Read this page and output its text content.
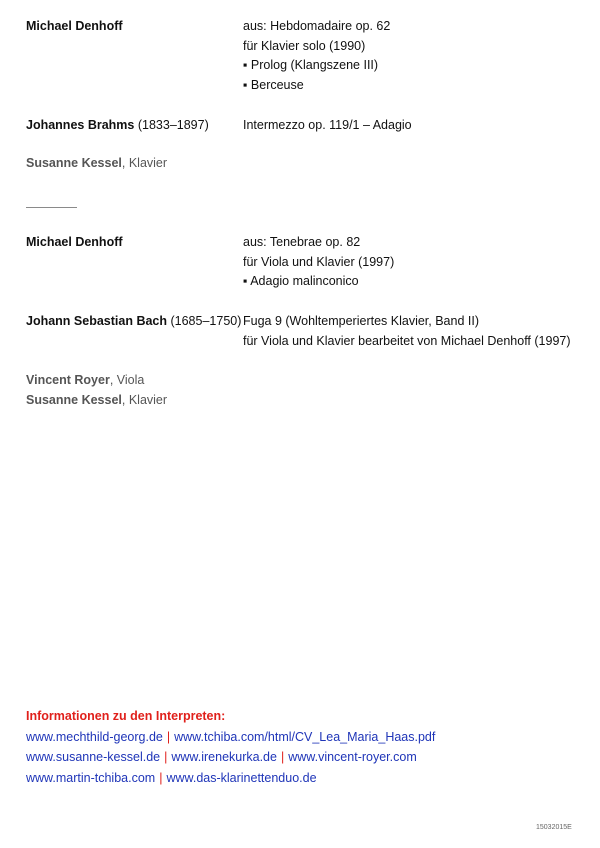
Michael Denhoff	aus: Hebdomadaire op. 62
für Klavier solo (1990)
▪ Prolog (Klangszene III)
▪ Berceuse
Johannes Brahms (1833–1897)	Intermezzo op. 119/1 – Adagio
Susanne Kessel, Klavier
Michael Denhoff	aus: Tenebrae op. 82
für Viola und Klavier (1997)
▪ Adagio malinconico
Johann Sebastian Bach (1685–1750) Fuga 9 (Wohltemperiertes Klavier, Band II)
für Viola und Klavier bearbeitet von Michael Denhoff (1997)
Vincent Royer, Viola
Susanne Kessel, Klavier
Informationen zu den Interpreten:
www.mechthild-georg.de | www.tchiba.com/html/CV_Lea_Maria_Haas.pdf
www.susanne-kessel.de | www.irenekurka.de | www.vincent-royer.com
www.martin-tchiba.com | www.das-klarinettenduo.de
15032015E
